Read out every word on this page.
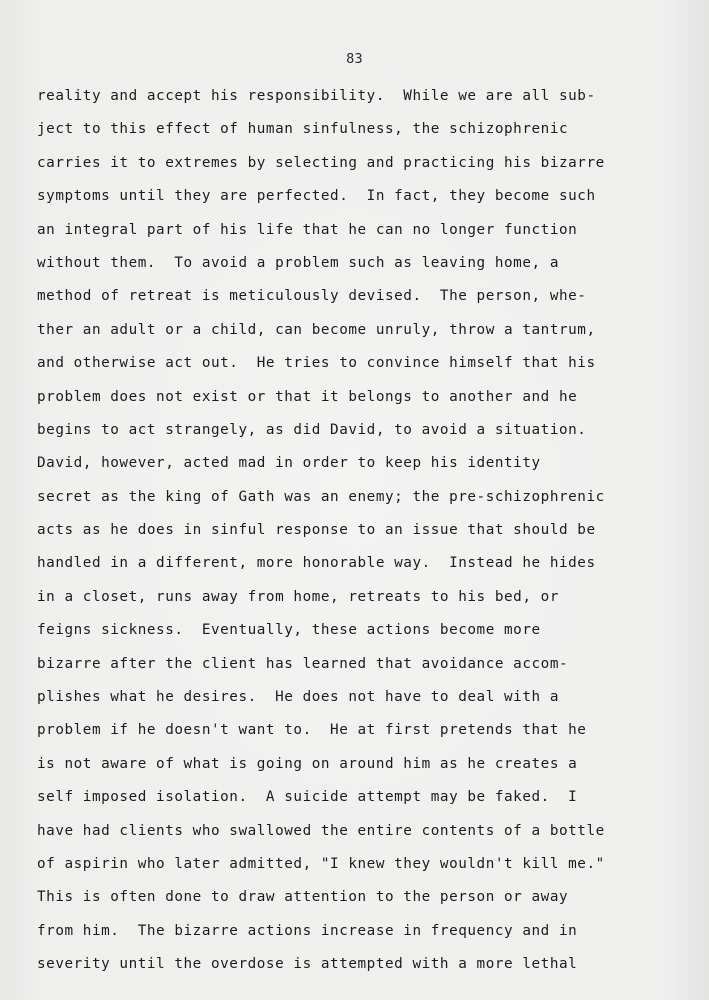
83
reality and accept his responsibility.  While we are all sub-
ject to this effect of human sinfulness, the schizophrenic
carries it to extremes by selecting and practicing his bizarre
symptoms until they are perfected.  In fact, they become such
an integral part of his life that he can no longer function
without them.  To avoid a problem such as leaving home, a
method of retreat is meticulously devised.  The person, whe-
ther an adult or a child, can become unruly, throw a tantrum,
and otherwise act out.  He tries to convince himself that his
problem does not exist or that it belongs to another and he
begins to act strangely, as did David, to avoid a situation.
David, however, acted mad in order to keep his identity
secret as the king of Gath was an enemy; the pre-schizophrenic
acts as he does in sinful response to an issue that should be
handled in a different, more honorable way.  Instead he hides
in a closet, runs away from home, retreats to his bed, or
feigns sickness.  Eventually, these actions become more
bizarre after the client has learned that avoidance accom-
plishes what he desires.  He does not have to deal with a
problem if he doesn't want to.  He at first pretends that he
is not aware of what is going on around him as he creates a
self imposed isolation.  A suicide attempt may be faked.  I
have had clients who swallowed the entire contents of a bottle
of aspirin who later admitted, "I knew they wouldn't kill me."
This is often done to draw attention to the person or away
from him.  The bizarre actions increase in frequency and in
severity until the overdose is attempted with a more lethal
